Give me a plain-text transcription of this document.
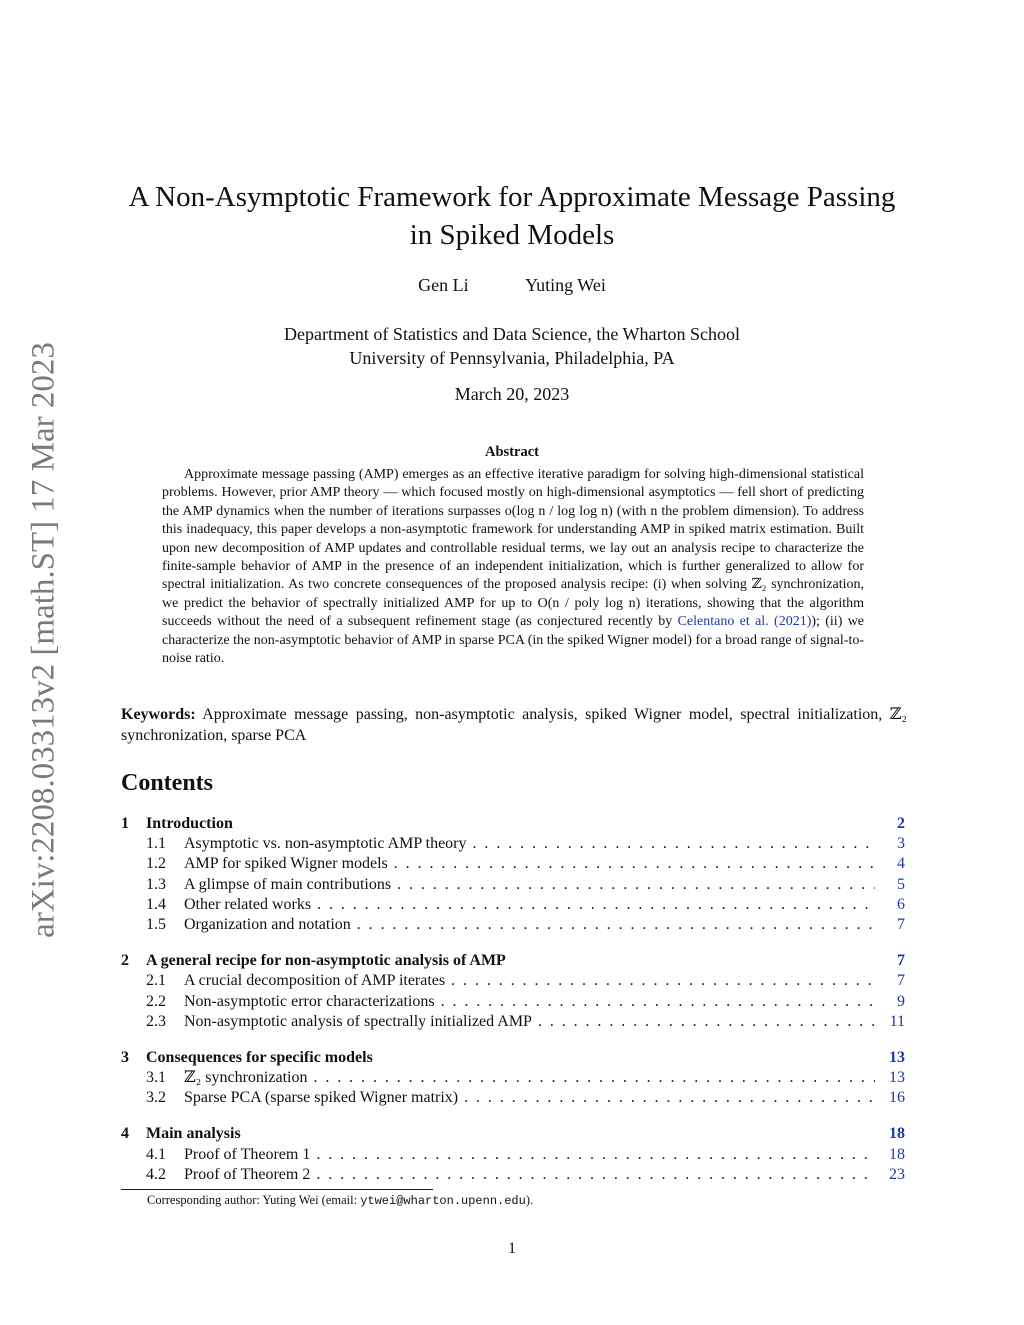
arXiv:2208.03313v2 [math.ST] 17 Mar 2023
A Non-Asymptotic Framework for Approximate Message Passing
in Spiked Models
Gen Li	Yuting Wei
Department of Statistics and Data Science, the Wharton School
University of Pennsylvania, Philadelphia, PA
March 20, 2023
Abstract

Approximate message passing (AMP) emerges as an effective iterative paradigm for solving high-dimensional statistical problems. However, prior AMP theory — which focused mostly on high-dimensional asymptotics — fell short of predicting the AMP dynamics when the number of iterations surpasses o(log n / log log n) (with n the problem dimension). To address this inadequacy, this paper develops a non-asymptotic framework for understanding AMP in spiked matrix estimation. Built upon new decomposition of AMP updates and controllable residual terms, we lay out an analysis recipe to characterize the finite-sample behavior of AMP in the presence of an independent initialization, which is further generalized to allow for spectral initialization. As two concrete consequences of the proposed analysis recipe: (i) when solving ℤ₂ synchronization, we predict the behavior of spectrally initialized AMP for up to O(n / poly log n) iterations, showing that the algorithm succeeds without the need of a subsequent refinement stage (as conjectured recently by Celentano et al. (2021)); (ii) we characterize the non-asymptotic behavior of AMP in sparse PCA (in the spiked Wigner model) for a broad range of signal-to-noise ratio.

Keywords: Approximate message passing, non-asymptotic analysis, spiked Wigner model, spectral initialization, ℤ₂ synchronization, sparse PCA
Contents
1	Introduction	2
1.1	Asymptotic vs. non-asymptotic AMP theory . . .	3
1.2	AMP for spiked Wigner models . . .	4
1.3	A glimpse of main contributions . . .	5
1.4	Other related works . . .	6
1.5	Organization and notation . . .	7
2	A general recipe for non-asymptotic analysis of AMP	7
2.1	A crucial decomposition of AMP iterates . . .	7
2.2	Non-asymptotic error characterizations . . .	9
2.3	Non-asymptotic analysis of spectrally initialized AMP . . .	11
3	Consequences for specific models	13
3.1	ℤ₂ synchronization . . .	13
3.2	Sparse PCA (sparse spiked Wigner matrix) . . .	16
4	Main analysis	18
4.1	Proof of Theorem 1 . . .	18
4.2	Proof of Theorem 2 . . .	23
Corresponding author: Yuting Wei (email: ytwei@wharton.upenn.edu).
1
